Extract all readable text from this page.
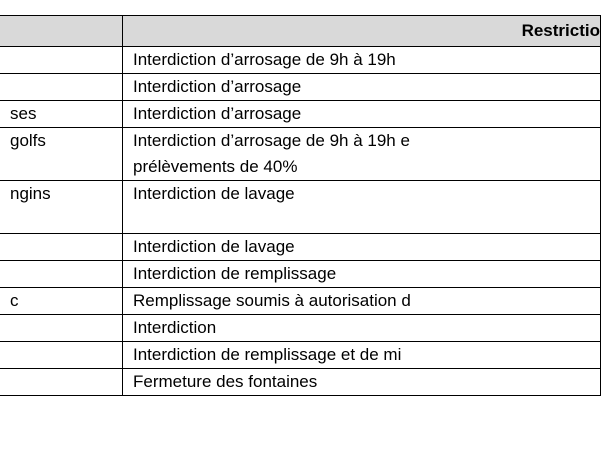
	Restrictio
	Interdiction d’arrosage de 9h à 19h
	Interdiction d’arrosage
ses	Interdiction d’arrosage
golfs	Interdiction d’arrosage de 9h à 19h e
prélèvements de 40%

ngins	Interdiction de lavage
	Interdiction de lavage
	Interdiction de remplissage
c	Remplissage soumis à autorisation d
	Interdiction
	Interdiction de remplissage et de mi
	Fermeture des fontaines
